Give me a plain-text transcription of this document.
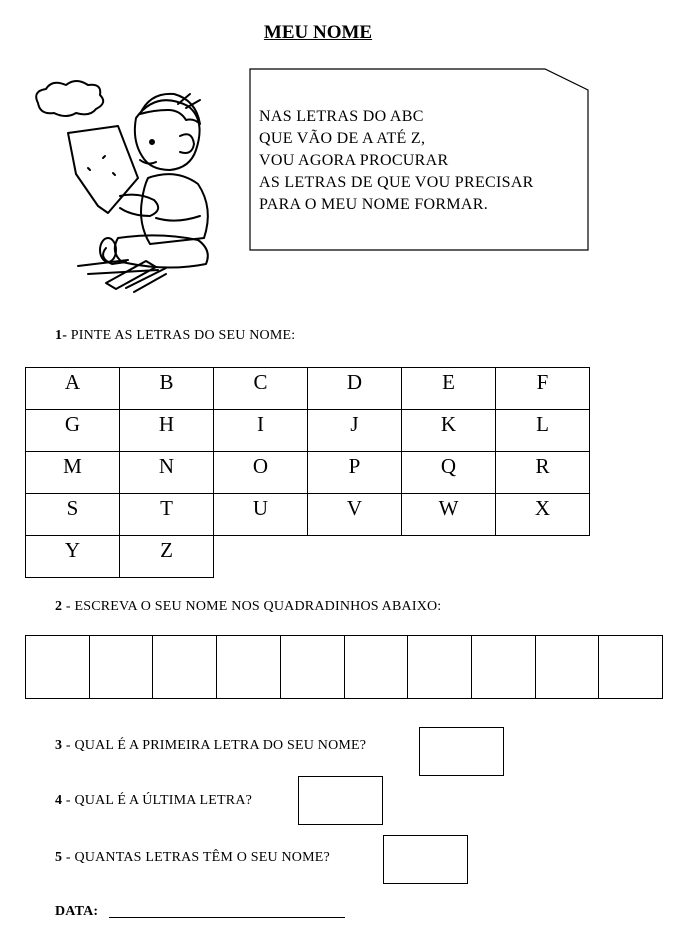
MEU NOME
NAS LETRAS DO ABC
QUE VÃO DE A ATÉ Z,
VOU AGORA PROCURAR
AS LETRAS DE QUE VOU PRECISAR
PARA O MEU NOME FORMAR.
1- PINTE AS LETRAS DO SEU NOME:
A	B	C	D	E	F
G	H	I	J	K	L
M	N	O	P	Q	R
S	T	U	V	W	X
Y	Z				
2 - ESCREVA O SEU NOME NOS QUADRADINHOS ABAIXO:
3 - QUAL É A PRIMEIRA LETRA DO SEU NOME?
4 - QUAL É A ÚLTIMA LETRA?
5 - QUANTAS LETRAS TÊM O SEU NOME?
DATA:
